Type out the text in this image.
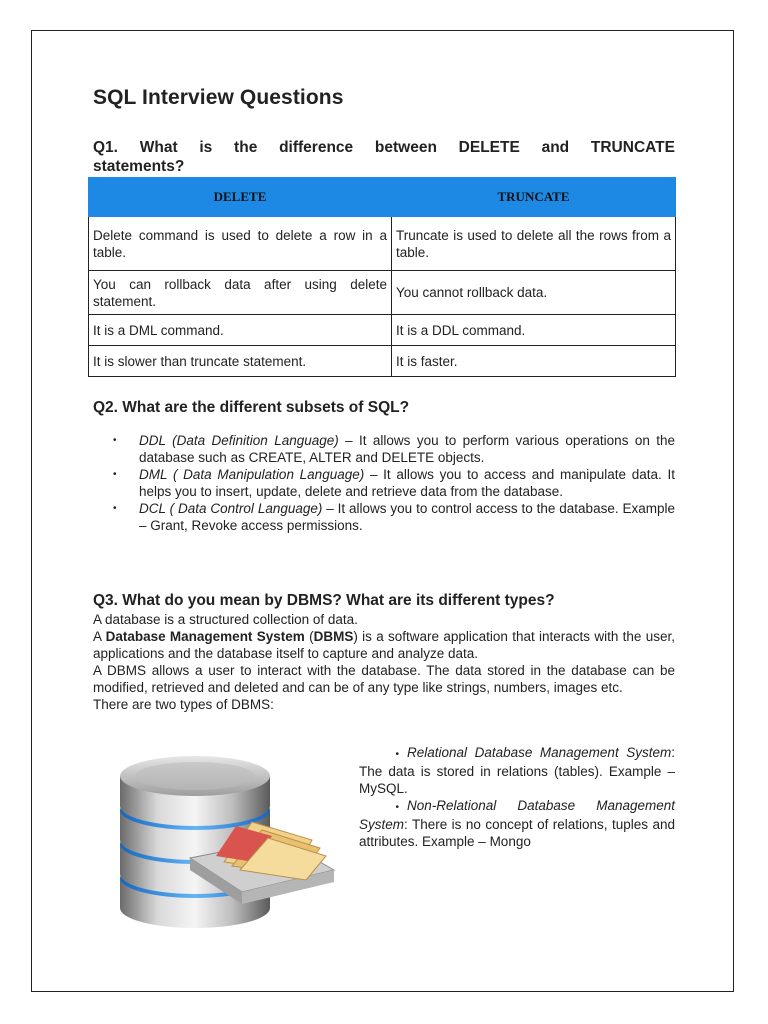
SQL Interview Questions
Q1. What is the difference between DELETE and TRUNCATE
statements?
DELETE	TRUNCATE
Delete command is used to delete a row in a table.	Truncate is used to delete all the rows from a table.
You can rollback data after using delete statement.	You cannot rollback data.
It is a DML command.	It is a DDL command.
It is slower than truncate statement.	It is faster.
Q2. What are the different subsets of SQL?
• DDL (Data Definition Language) – It allows you to perform various operations on the database such as CREATE, ALTER and DELETE objects.
• DML ( Data Manipulation Language) – It allows you to access and manipulate data. It helps you to insert, update, delete and retrieve data from the database.
• DCL ( Data Control Language) – It allows you to control access to the database. Example – Grant, Revoke access permissions.
Q3. What do you mean by DBMS? What are its different types?

A database is a structured collection of data.

A Database Management System (DBMS) is a software application that interacts with the user, applications and the database itself to capture and analyze data.

A DBMS allows a user to interact with the database. The data stored in the database can be modified, retrieved and deleted and can be of any type like strings, numbers, images etc.

There are two types of DBMS:

• Relational Database Management System: The data is stored in relations (tables). Example – MySQL.

• Non-Relational Database Management System: There is no concept of relations, tuples and attributes. Example – Mongo
